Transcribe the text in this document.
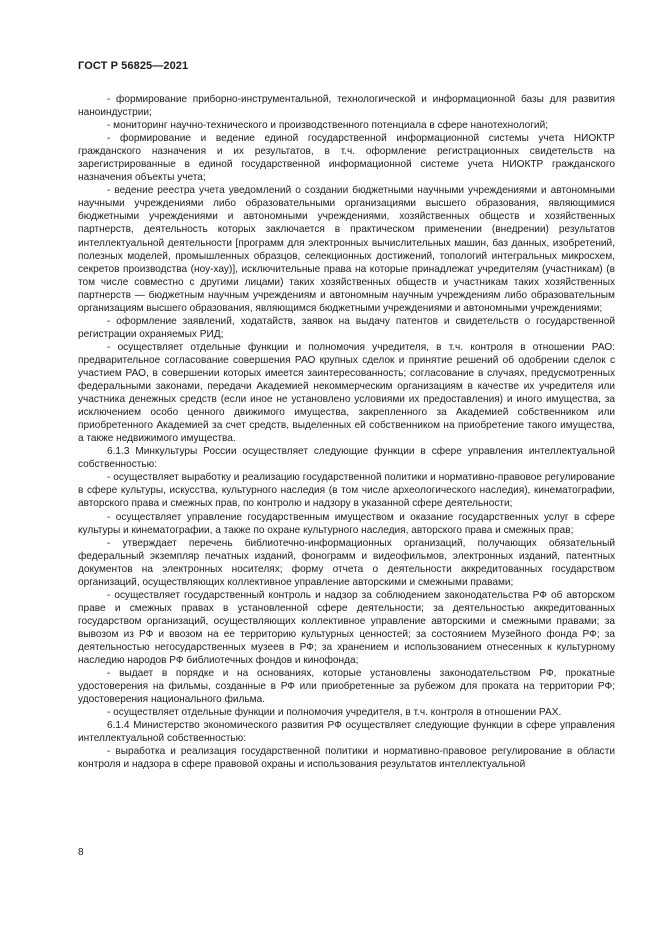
ГОСТ Р 56825—2021

- формирование приборно-инструментальной, технологической и информационной базы для развития наноиндустрии;

- мониторинг научно-технического и производственного потенциала в сфере нанотехнологий;

- формирование и ведение единой государственной информационной системы учета НИОКТР гражданского назначения и их результатов, в т.ч. оформление регистрационных свидетельств на зарегистрированные в единой государственной информационной системе учета НИОКТР гражданского назначения объекты учета;

- ведение реестра учета уведомлений о создании бюджетными научными учреждениями и автономными научными учреждениями либо образовательными организациями высшего образования, являющимися бюджетными учреждениями и автономными учреждениями, хозяйственных обществ и хозяйственных партнерств, деятельность которых заключается в практическом применении (внедрении) результатов интеллектуальной деятельности [программ для электронных вычислительных машин, баз данных, изобретений, полезных моделей, промышленных образцов, селекционных достижений, топологий интегральных микросхем, секретов производства (ноу-хау)], исключительные права на которые принадлежат учредителям (участникам) (в том числе совместно с другими лицами) таких хозяйственных обществ и участникам таких хозяйственных партнерств — бюджетным научным учреждениям и автономным научным учреждениям либо образовательным организациям высшего образования, являющимся бюджетными учреждениями и автономными учреждениями;

- оформление заявлений, ходатайств, заявок на выдачу патентов и свидетельств о государственной регистрации охраняемых РИД;

- осуществляет отдельные функции и полномочия учредителя, в т.ч. контроля в отношении РАО: предварительное согласование совершения РАО крупных сделок и принятие решений об одобрении сделок с участием РАО, в совершении которых имеется заинтересованность; согласование в случаях, предусмотренных федеральными законами, передачи Академией некоммерческим организациям в качестве их учредителя или участника денежных средств (если иное не установлено условиями их предоставления) и иного имущества, за исключением особо ценного движимого имущества, закрепленного за Академией собственником или приобретенного Академией за счет средств, выделенных ей собственником на приобретение такого имущества, а также недвижимого имущества.

6.1.3 Минкультуры России осуществляет следующие функции в сфере управления интеллектуальной собственностью:

- осуществляет выработку и реализацию государственной политики и нормативно-правовое регулирование в сфере культуры, искусства, культурного наследия (в том числе археологического наследия), кинематографии, авторского права и смежных прав, по контролю и надзору в указанной сфере деятельности;

- осуществляет управление государственным имуществом и оказание государственных услуг в сфере культуры и кинематографии, а также по охране культурного наследия, авторского права и смежных прав;

- утверждает перечень библиотечно-информационных организаций, получающих обязательный федеральный экземпляр печатных изданий, фонограмм и видеофильмов, электронных изданий, патентных документов на электронных носителях; форму отчета о деятельности аккредитованных государством организаций, осуществляющих коллективное управление авторскими и смежными правами;

- осуществляет государственный контроль и надзор за соблюдением законодательства РФ об авторском праве и смежных правах в установленной сфере деятельности; за деятельностью аккредитованных государством организаций, осуществляющих коллективное управление авторскими и смежными правами; за вывозом из РФ и ввозом на ее территорию культурных ценностей; за состоянием Музейного фонда РФ; за деятельностью негосударственных музеев в РФ; за хранением и использованием отнесенных к культурному наследию народов РФ библиотечных фондов и кинофонда;

- выдает в порядке и на основаниях, которые установлены законодательством РФ, прокатные удостоверения на фильмы, созданные в РФ или приобретенные за рубежом для проката на территории РФ; удостоверения национального фильма.

- осуществляет отдельные функции и полномочия учредителя, в т.ч. контроля в отношении РАХ.

6.1.4 Министерство экономического развития РФ осуществляет следующие функции в сфере управления интеллектуальной собственностью:

- выработка и реализация государственной политики и нормативно-правовое регулирование в области контроля и надзора в сфере правовой охраны и использования результатов интеллектуальной

8
